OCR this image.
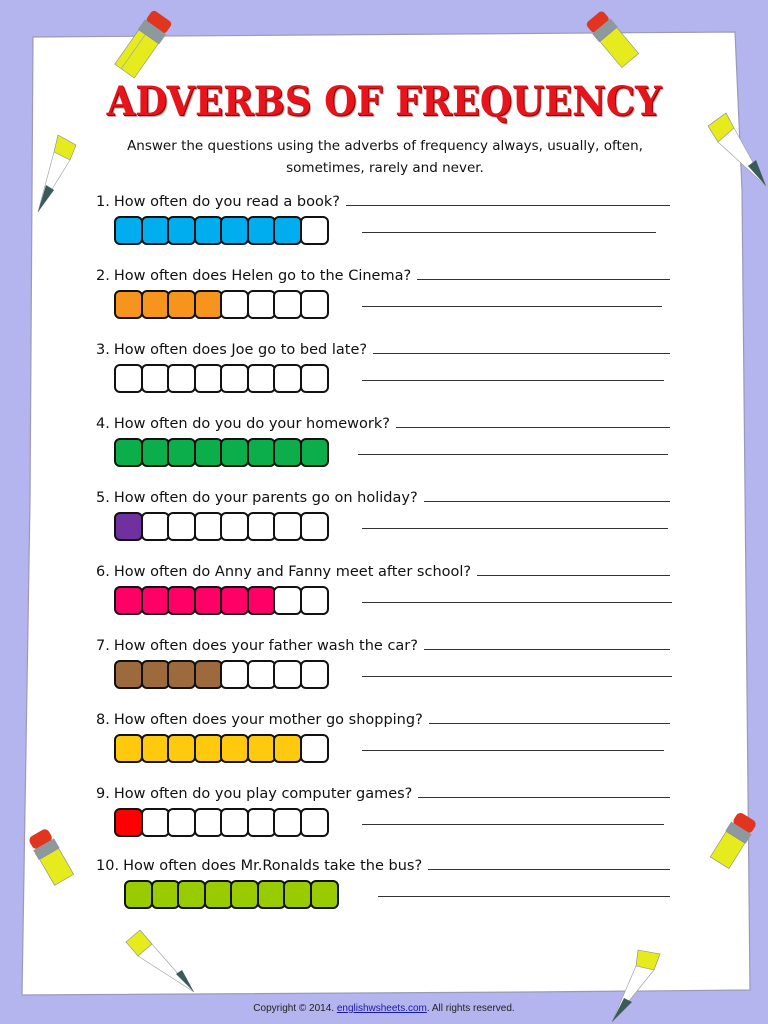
ADVERBS OF FREQUENCY
Answer the questions using the adverbs of frequency always, usually, often, sometimes, rarely and never.
1. How often do you read a book?
2. How often does Helen go to the Cinema?
3. How often does Joe go to bed late?
4. How often do you do your homework?
5. How often do your parents go on holiday?
6. How often do Anny and Fanny meet after school?
7. How often does your father wash the car?
8. How often does your mother go shopping?
9. How often do you play computer games?
10. How often does Mr.Ronalds take the bus?
Copyright © 2014. englishwsheets.com. All rights reserved.
